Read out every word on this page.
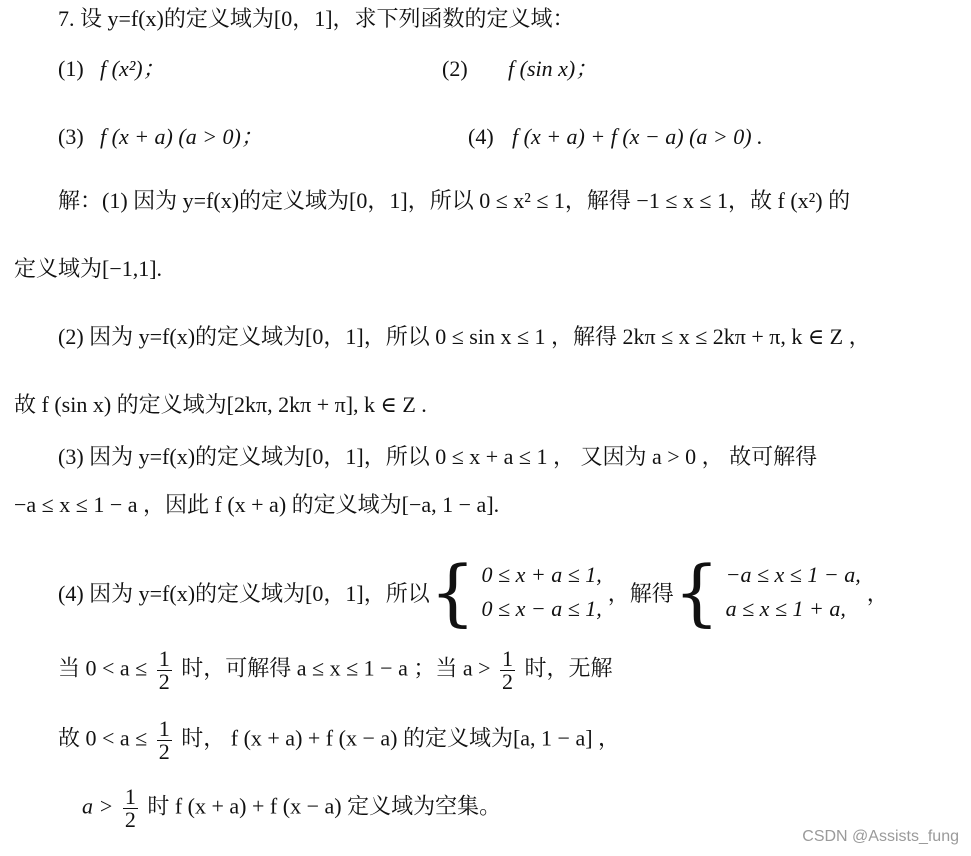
7. 设 y=f(x)的定义域为[0，1]，求下列函数的定义域：
(1) f (x²)；	(2) f (sin x)；
(3) f (x + a) (a > 0)；	(4) f (x + a) + f (x − a) (a > 0) .
解：(1) 因为 y=f(x)的定义域为[0，1]，所以 0 ≤ x² ≤ 1，解得 −1 ≤ x ≤ 1，故 f (x²) 的
定义域为[−1,1].
(2) 因为 y=f(x)的定义域为[0，1]，所以 0 ≤ sin x ≤ 1 ，解得 2kπ ≤ x ≤ 2kπ + π, k ∈ Z ，
故 f (sin x) 的定义域为[2kπ, 2kπ + π], k ∈ Z .
(3) 因为 y=f(x)的定义域为[0，1]，所以 0 ≤ x + a ≤ 1 ， 又因为 a > 0 ， 故可解得
−a ≤ x ≤ 1 − a ，因此 f (x + a) 的定义域为[−a, 1 − a].
(4) 因为 y=f(x)的定义域为[0，1]，所以 { 0 ≤ x + a ≤ 1,
0 ≤ x − a ≤ 1,
，解得 { −a ≤ x ≤ 1 − a,
a ≤ x ≤ 1 + a,
，
当 $0 < a \le \frac{1}{2}$ 时，可解得 a ≤ x ≤ 1 − a ；当 $a > \frac{1}{2}$ 时，无解
故 $0 < a \le \frac{1}{2}$ 时， f (x + a) + f (x − a) 的定义域为[a, 1 − a] ，
$a > \frac{1}{2}$ 时 f (x + a) + f (x − a) 定义域为空集。
CSDN @Assists_fung
